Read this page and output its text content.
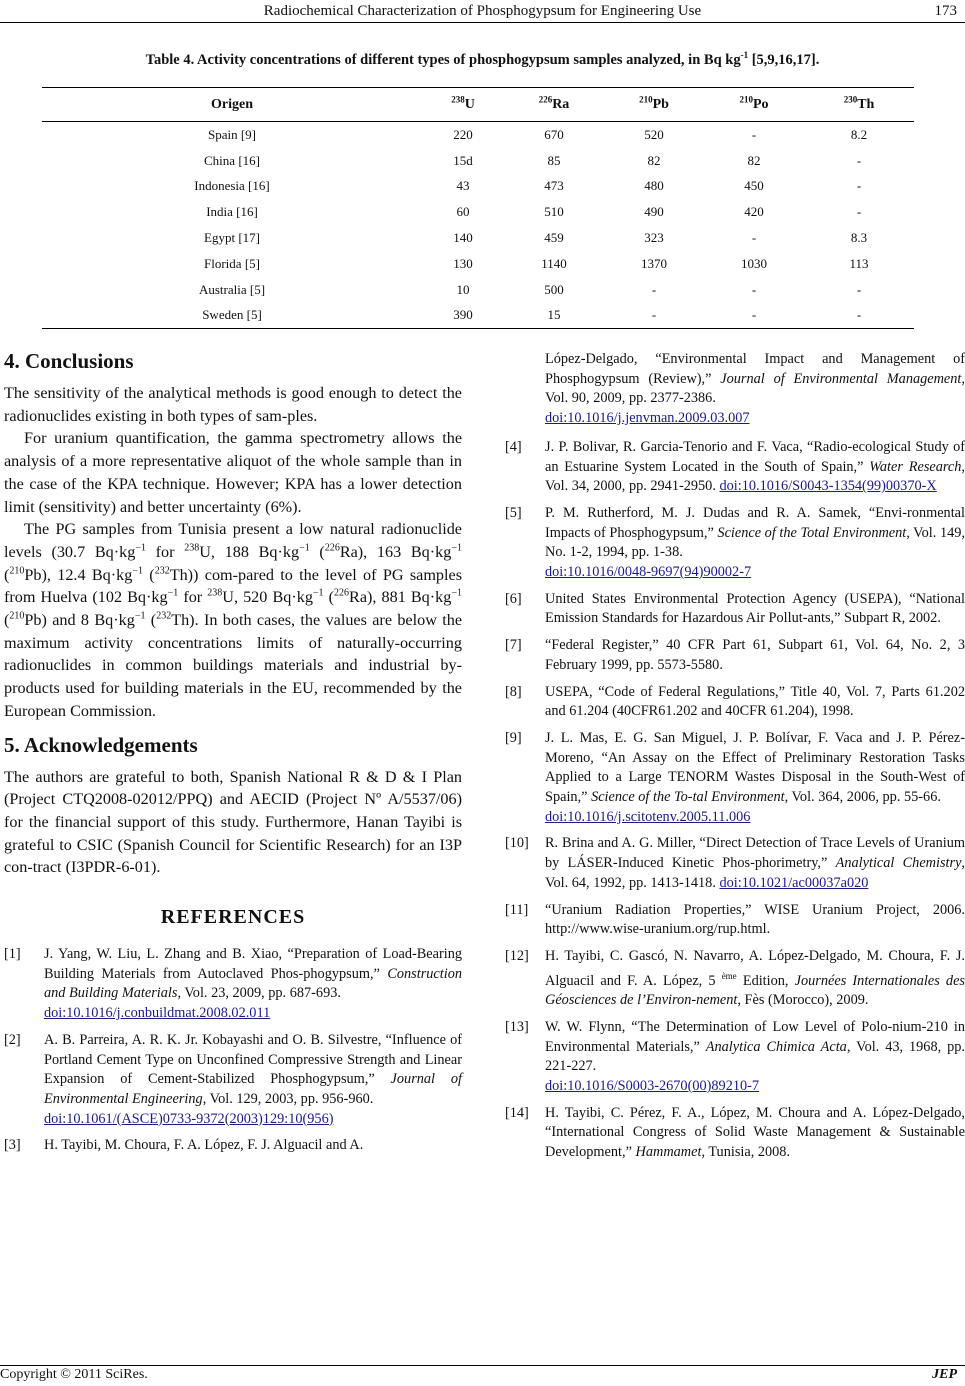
Radiochemical Characterization of Phosphogypsum for Engineering Use	173
Table 4. Activity concentrations of different types of phosphogypsum samples analyzed, in Bq $kg^{-1}$ [5,9,16,17].
Origen	$^{238}$U	$^{226}$Ra	$^{210}$Pb	$^{210}$Po	$^{230}$Th
Spain [9]	220	670	520	-	8.2
China [16]	15d	85	82	82	-
Indonesia [16]	43	473	480	450	-
India [16]	60	510	490	420	-
Egypt [17]	140	459	323	-	8.3
Florida [5]	130	1140	1370	1030	113
Australia [5]	10	500	-	-	-
Sweden [5]	390	15	-	-	-
4. Conclusions

The sensitivity of the analytical methods is good enough to detect the radionuclides existing in both types of sam-ples.

For uranium quantification, the gamma spectrometry allows the analysis of a more representative aliquot of the whole sample than in the case of the KPA technique. However; KPA has a lower detection limit (sensitivity) and better uncertainty (6%).

The PG samples from Tunisia present a low natural radionuclide levels (30.7 $Bq\cdot kg^{-1}$ for $^{238}$U, 188 $Bq\cdot kg^{-1}$ ($^{226}$Ra), 163 $Bq\cdot kg^{-1}$ ($^{210}$Pb), 12.4 $Bq\cdot kg^{-1}$ ($^{232}$Th)) com-pared to the level of PG samples from Huelva (102 $Bq\cdot kg^{-1}$ for $^{238}$U, 520 $Bq\cdot kg^{-1}$ ($^{226}$Ra), 881 $Bq\cdot kg^{-1}$ ($^{210}$Pb) and 8 $Bq\cdot kg^{-1}$ ($^{232}$Th). In both cases, the values are below the maximum activity concentrations limits of naturally-occurring radionuclides in common buildings materials and industrial by-products used for building materials in the EU, recommended by the European Commission.

5. Acknowledgements

The authors are grateful to both, Spanish National R & D & I Plan (Project CTQ2008-02012/PPQ) and AECID (Project Nº A/5537/06) for the financial support of this study. Furthermore, Hanan Tayibi is grateful to CSIC (Spanish Council for Scientific Research) for an I3P con-tract (I3PDR-6-01).

REFERENCES
[1] J. Yang, W. Liu, L. Zhang and B. Xiao, “Preparation of Load-Bearing Building Materials from Autoclaved Phos-phogypsum,” Construction and Building Materials, Vol. 23, 2009, pp. 687-693.
doi:10.1016/j.conbuildmat.2008.02.011
[2] A. B. Parreira, A. R. K. Jr. Kobayashi and O. B. Silvestre, “Influence of Portland Cement Type on Unconfined Compressive Strength and Linear Expansion of Cement-Stabilized Phosphogypsum,” Journal of Environmental Engineering, Vol. 129, 2003, pp. 956-960.
doi:10.1061/(ASCE)0733-9372(2003)129:10(956)
[3] H. Tayibi, M. Choura, F. A. López, F. J. Alguacil and A.
López-Delgado, “Environmental Impact and Management of Phosphogypsum (Review),” Journal of Environmental Management, Vol. 90, 2009, pp. 2377-2386.
doi:10.1016/j.jenvman.2009.03.007
[4] J. P. Bolivar, R. Garcia-Tenorio and F. Vaca, “Radio-ecological Study of an Estuarine System Located in the South of Spain,” Water Research, Vol. 34, 2000, pp. 2941-2950. doi:10.1016/S0043-1354(99)00370-X
[5] P. M. Rutherford, M. J. Dudas and R. A. Samek, “Envi-ronmental Impacts of Phosphogypsum,” Science of the Total Environment, Vol. 149, No. 1-2, 1994, pp. 1-38.
doi:10.1016/0048-9697(94)90002-7
[6] United States Environmental Protection Agency (USEPA), “National Emission Standards for Hazardous Air Pollut-ants,” Subpart R, 2002.
[7] “Federal Register,” 40 CFR Part 61, Subpart 61, Vol. 64, No. 2, 3 February 1999, pp. 5573-5580.
[8] USEPA, “Code of Federal Regulations,” Title 40, Vol. 7, Parts 61.202 and 61.204 (40CFR61.202 and 40CFR 61.204), 1998.
[9] J. L. Mas, E. G. San Miguel, J. P. Bolívar, F. Vaca and J. P. Pérez-Moreno, “An Assay on the Effect of Preliminary Restoration Tasks Applied to a Large TENORM Wastes Disposal in the South-West of Spain,” Science of the To-tal Environment, Vol. 364, 2006, pp. 55-66.
doi:10.1016/j.scitotenv.2005.11.006
[10] R. Brina and A. G. Miller, “Direct Detection of Trace Levels of Uranium by LÁSER-Induced Kinetic Phos-phorimetry,” Analytical Chemistry, Vol. 64, 1992, pp. 1413-1418. doi:10.1021/ac00037a020
[11] “Uranium Radiation Properties,” WISE Uranium Project, 2006. http://www.wise-uranium.org/rup.html.
[12] H. Tayibi, C. Gascó, N. Navarro, A. López-Delgado, M. Choura, F. J. Alguacil and F. A. López, 5 $^{ème}$ Edition, Journées Internationales des Géosciences de l’Environ-nement, Fès (Morocco), 2009.
[13] W. W. Flynn, “The Determination of Low Level of Polo-nium-210 in Environmental Materials,” Analytica Chimica Acta, Vol. 43, 1968, pp. 221-227.
doi:10.1016/S0003-2670(00)89210-7
[14] H. Tayibi, C. Pérez, F. A., López, M. Choura and A. López-Delgado, “International Congress of Solid Waste Management & Sustainable Development,” Hammamet, Tunisia, 2008.
Copyright © 2011 SciRes.	JEP
